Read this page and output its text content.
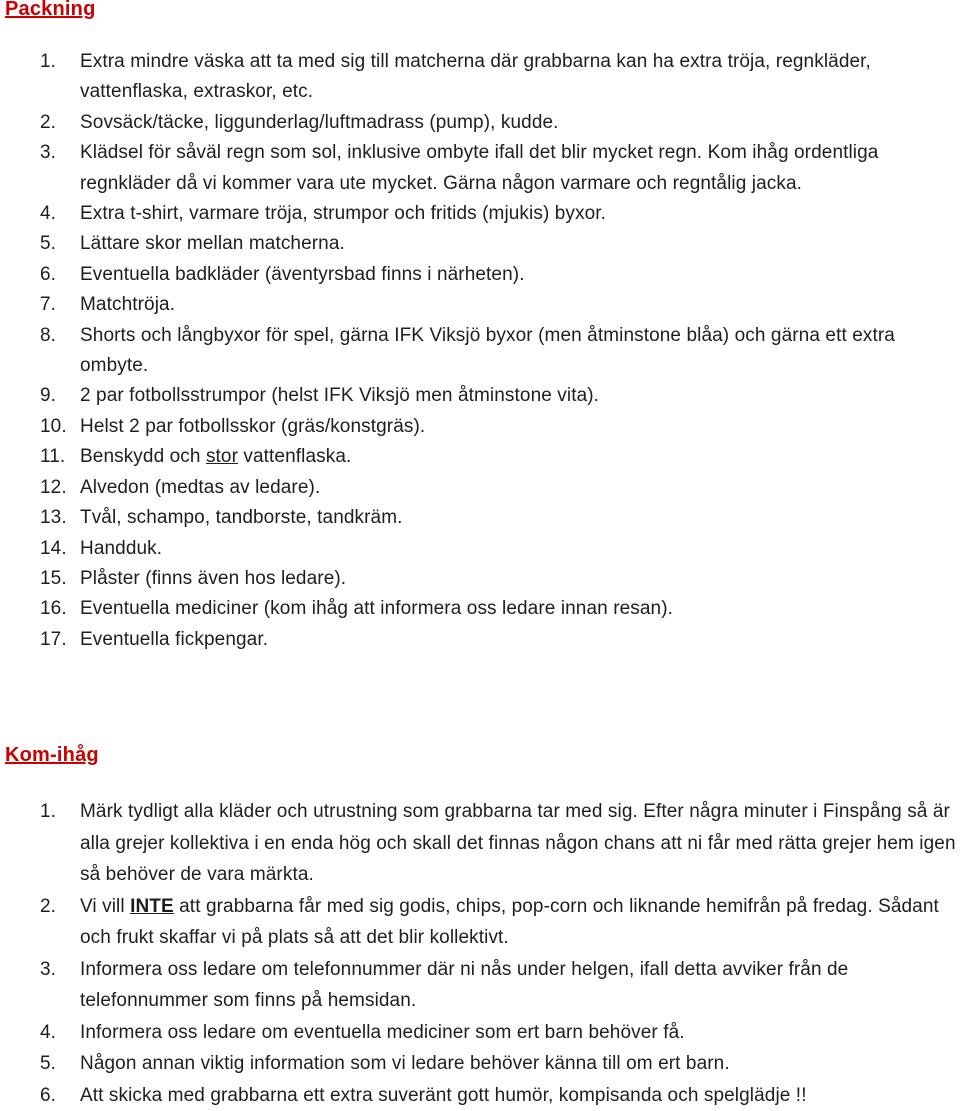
Packning
1. Extra mindre väska att ta med sig till matcherna där grabbarna kan ha extra tröja, regnkläder, vattenflaska, extraskor, etc.
2. Sovsäck/täcke, liggunderlag/luftmadrass (pump), kudde.
3. Klädsel för såväl regn som sol, inklusive ombyte ifall det blir mycket regn. Kom ihåg ordentliga regnkläder då vi kommer vara ute mycket. Gärna någon varmare och regntålig jacka.
4. Extra t-shirt, varmare tröja, strumpor och fritids (mjukis) byxor.
5. Lättare skor mellan matcherna.
6. Eventuella badkläder (äventyrsbad finns i närheten).
7. Matchtröja.
8. Shorts och långbyxor för spel, gärna IFK Viksjö byxor (men åtminstone blåa) och gärna ett extra ombyte.
9. 2 par fotbollsstrumpor (helst IFK Viksjö men åtminstone vita).
10. Helst 2 par fotbollsskor (gräs/konstgräs).
11. Benskydd och stor vattenflaska.
12. Alvedon (medtas av ledare).
13. Tvål, schampo, tandborste, tandkräm.
14. Handduk.
15. Plåster (finns även hos ledare).
16. Eventuella mediciner (kom ihåg att informera oss ledare innan resan).
17. Eventuella fickpengar.
Kom-ihåg
1. Märk tydligt alla kläder och utrustning som grabbarna tar med sig. Efter några minuter i Finspång så är alla grejer kollektiva i en enda hög och skall det finnas någon chans att ni får med rätta grejer hem igen så behöver de vara märkta.
2. Vi vill INTE att grabbarna får med sig godis, chips, pop-corn och liknande hemifrån på fredag. Sådant och frukt skaffar vi på plats så att det blir kollektivt.
3. Informera oss ledare om telefonnummer där ni nås under helgen, ifall detta avviker från de telefonnummer som finns på hemsidan.
4. Informera oss ledare om eventuella mediciner som ert barn behöver få.
5. Någon annan viktig information som vi ledare behöver känna till om ert barn.
6. Att skicka med grabbarna ett extra suveränt gott humör, kompisanda och spelglädje !!
